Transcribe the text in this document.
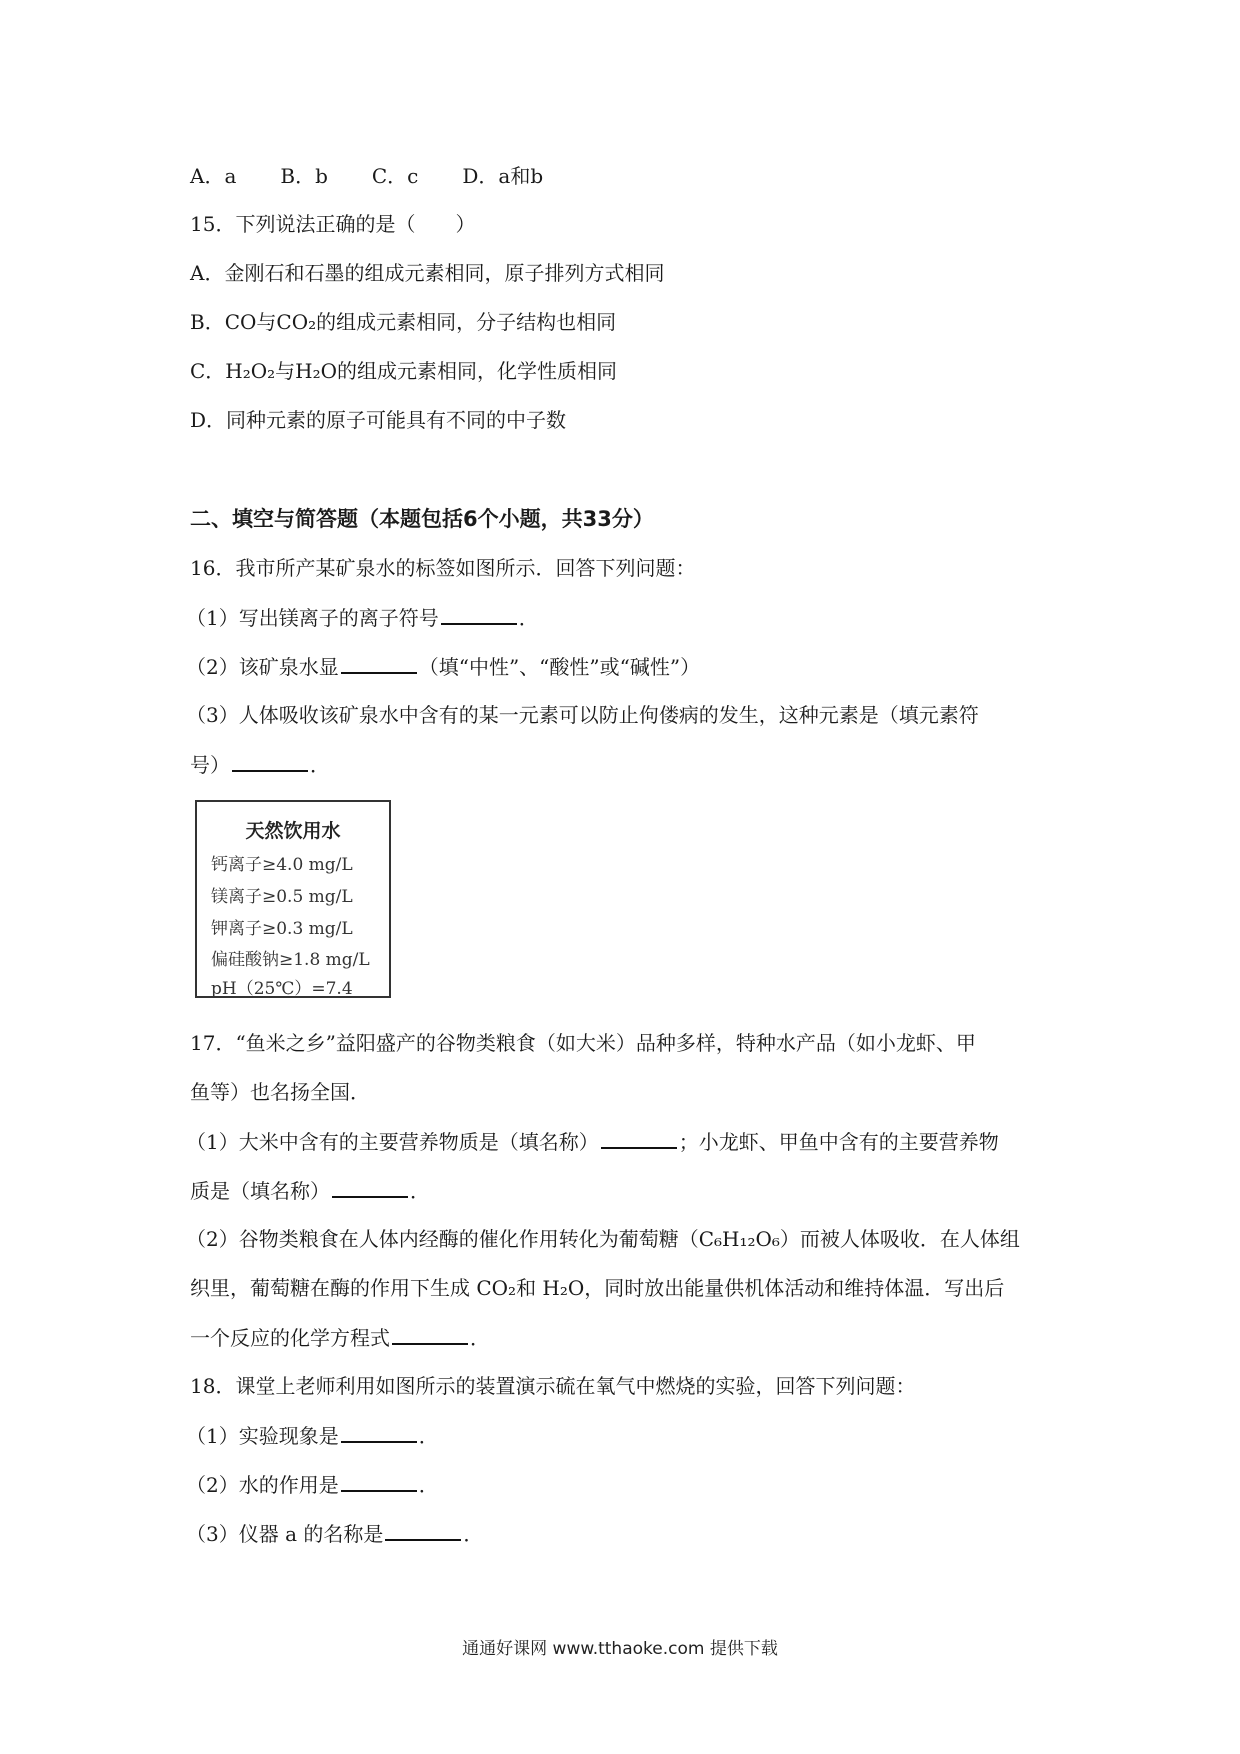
A．a B．b C．c D．a和b
15．下列说法正确的是（　　）
A．金刚石和石墨的组成元素相同，原子排列方式相同
B．CO与CO₂的组成元素相同，分子结构也相同
C．H₂O₂与H₂O的组成元素相同，化学性质相同
D．同种元素的原子可能具有不同的中子数
二、填空与简答题（本题包括6个小题，共33分）
16．我市所产某矿泉水的标签如图所示．回答下列问题：
（1）写出镁离子的离子符号	．
（2）该矿泉水显	（填“中性”、“酸性”或“碱性”）
（3）人体吸收该矿泉水中含有的某一元素可以防止佝偻病的发生，这种元素是（填元素符
号）	．
天然饮用水
钙离子≥4.0 mg/L
镁离子≥0.5 mg/L
钾离子≥0.3 mg/L
偏硅酸钠≥1.8 mg/L
pH（25℃）=7.4
17．“鱼米之乡”益阳盛产的谷物类粮食（如大米）品种多样，特种水产品（如小龙虾、甲
鱼等）也名扬全国．
（1）大米中含有的主要营养物质是（填名称）	；小龙虾、甲鱼中含有的主要营养物
质是（填名称）	．
（2）谷物类粮食在人体内经酶的催化作用转化为葡萄糖（C₆H₁₂O₆）而被人体吸收．在人体组
织里，葡萄糖在酶的作用下生成 CO₂和 H₂O，同时放出能量供机体活动和维持体温．写出后
一个反应的化学方程式	．
18．课堂上老师利用如图所示的装置演示硫在氧气中燃烧的实验，回答下列问题：
（1）实验现象是	．
（2）水的作用是	．
（3）仪器 a 的名称是	．
通通好课网 www.tthaoke.com 提供下载
